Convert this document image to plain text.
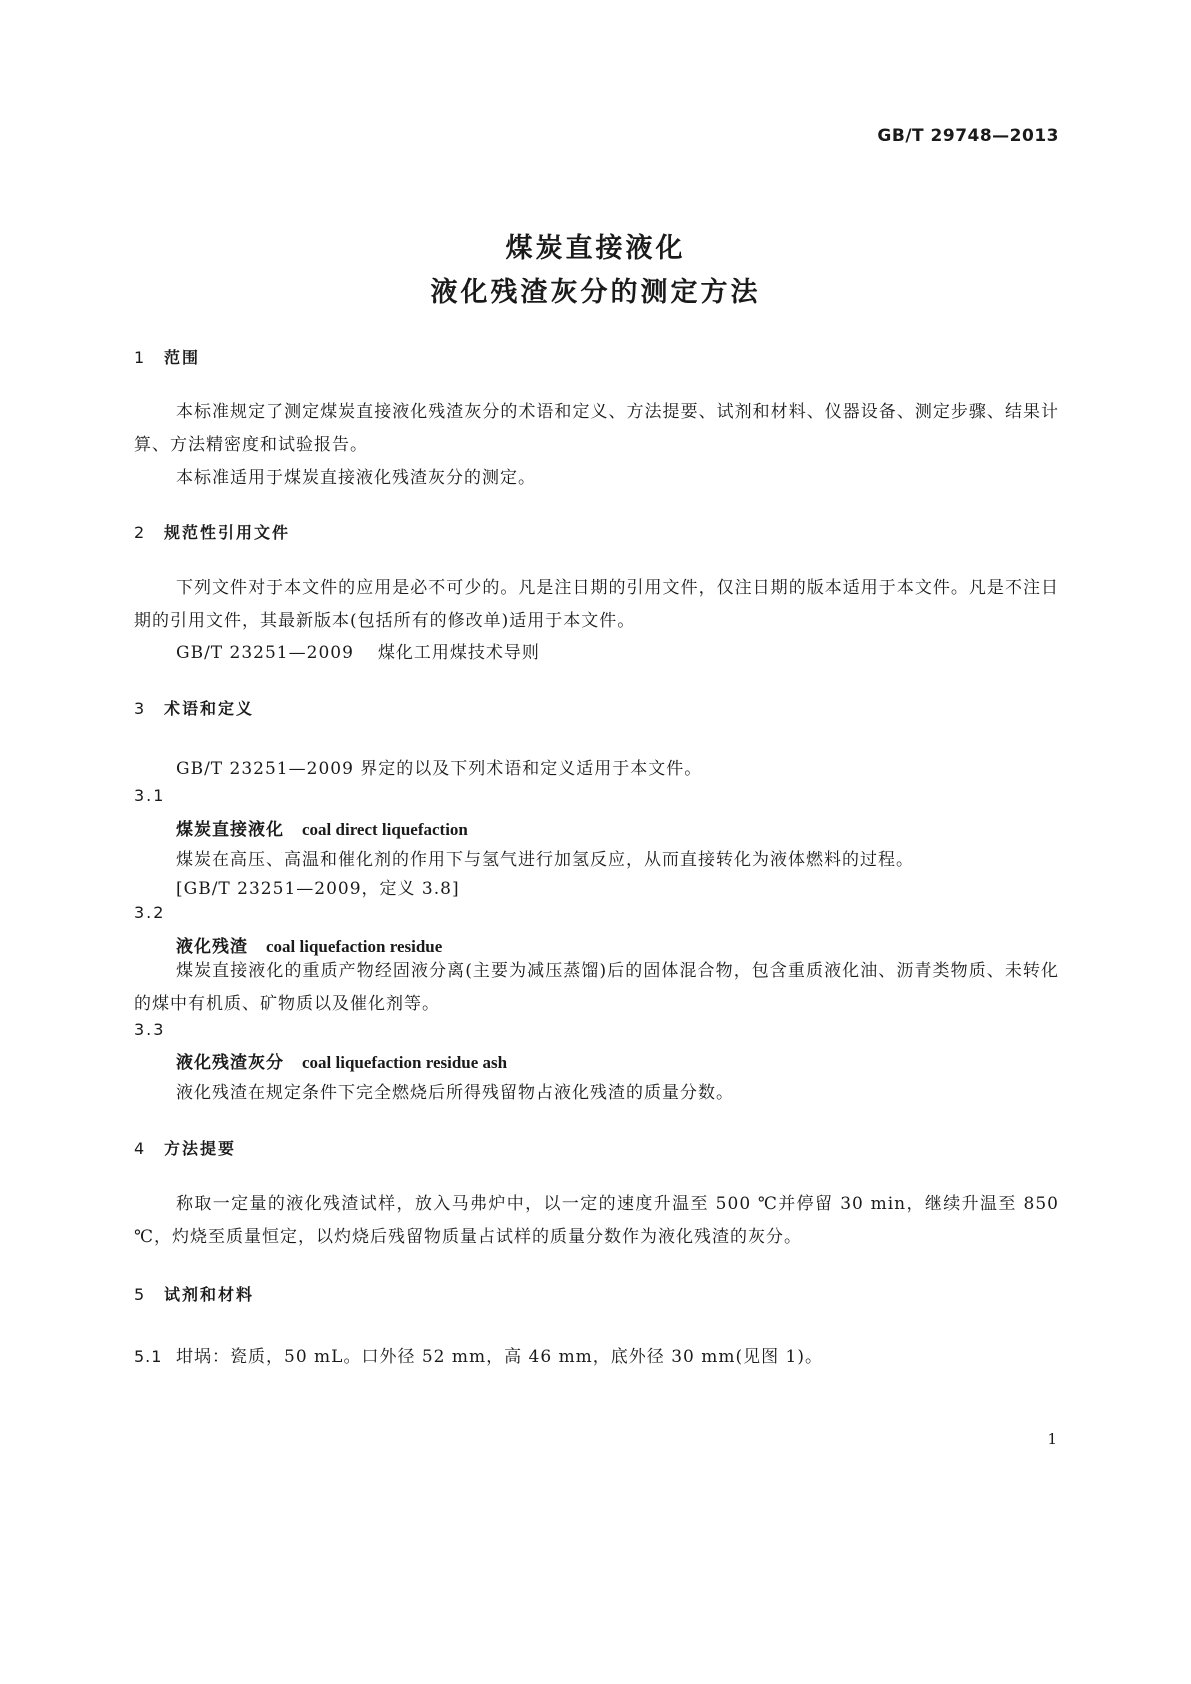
GB/T 29748—2013
煤炭直接液化
液化残渣灰分的测定方法
1 范围
本标准规定了测定煤炭直接液化残渣灰分的术语和定义、方法提要、试剂和材料、仪器设备、测定步骤、结果计算、方法精密度和试验报告。
本标准适用于煤炭直接液化残渣灰分的测定。
2 规范性引用文件
下列文件对于本文件的应用是必不可少的。凡是注日期的引用文件，仅注日期的版本适用于本文件。凡是不注日期的引用文件，其最新版本(包括所有的修改单)适用于本文件。
GB/T 23251—2009 煤化工用煤技术导则
3 术语和定义
GB/T 23251—2009 界定的以及下列术语和定义适用于本文件。
3.1
煤炭直接液化 coal direct liquefaction
煤炭在高压、高温和催化剂的作用下与氢气进行加氢反应，从而直接转化为液体燃料的过程。
[GB/T 23251—2009，定义 3.8]
3.2
液化残渣 coal liquefaction residue
煤炭直接液化的重质产物经固液分离(主要为减压蒸馏)后的固体混合物，包含重质液化油、沥青类物质、未转化的煤中有机质、矿物质以及催化剂等。
3.3
液化残渣灰分 coal liquefaction residue ash
液化残渣在规定条件下完全燃烧后所得残留物占液化残渣的质量分数。
4 方法提要
称取一定量的液化残渣试样，放入马弗炉中，以一定的速度升温至 500 ℃并停留 30 min，继续升温至 850 ℃，灼烧至质量恒定，以灼烧后残留物质量占试样的质量分数作为液化残渣的灰分。
5 试剂和材料
5.1 坩埚：瓷质，50 mL。口外径 52 mm，高 46 mm，底外径 30 mm(见图 1)。
1
